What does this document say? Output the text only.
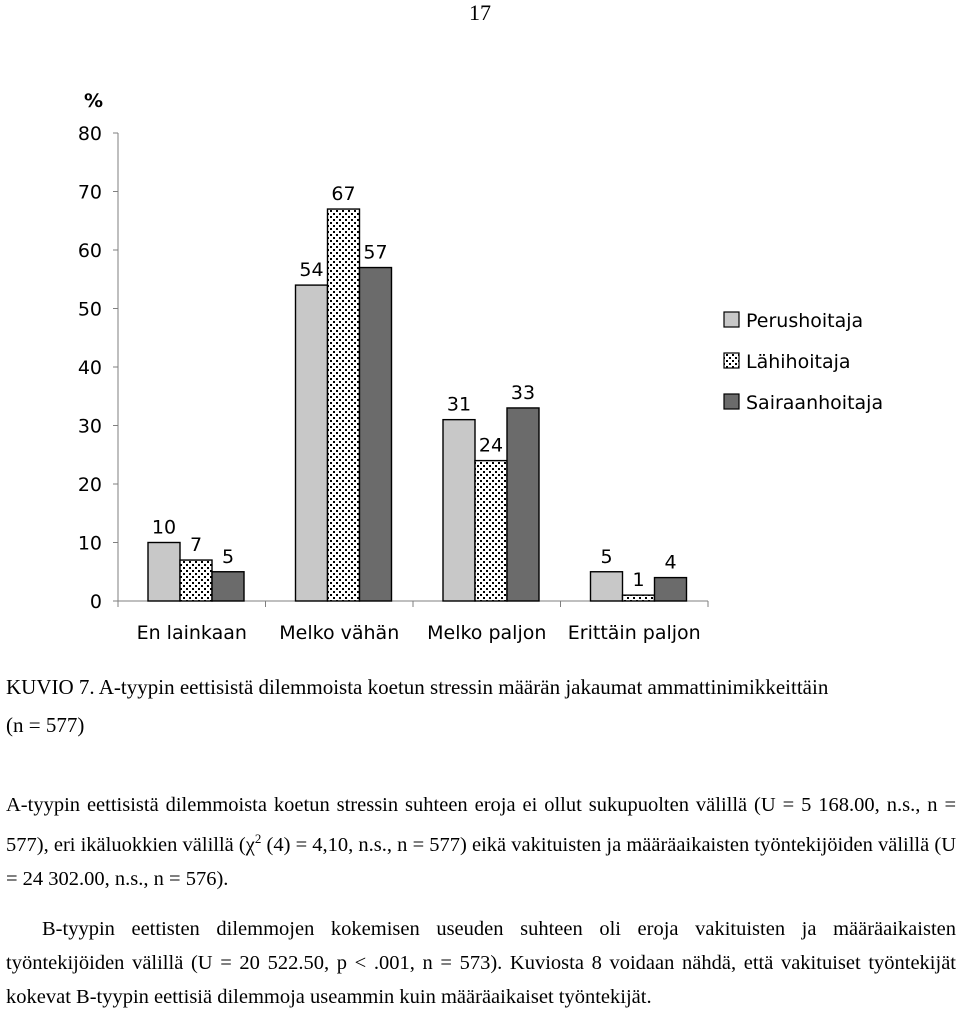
17
%
0
10
20
30
40
50
60
70
80
10
7
5
54
67
57
31
24
33
5
1
4
En lainkaan Melko vähän Melko paljon Erittäin paljon
Perushoitaja
Lähihoitaja
Sairaanhoitaja
KUVIO 7. A-tyypin eettisistä dilemmoista koetun stressin määrän jakaumat ammattinimikkeittäin
(n = 577)
A-tyypin eettisistä dilemmoista koetun stressin suhteen eroja ei ollut sukupuolten välillä (U = 5 168.00, n.s., n = 577), eri ikäluokkien välillä ($\chi^2$ (4) = 4,10, n.s., n = 577) eikä vakituisten ja määräaikaisten työntekijöiden välillä (U = 24 302.00, n.s., n = 576).
B-tyypin eettisten dilemmojen kokemisen useuden suhteen oli eroja vakituisten ja määräaikaisten työntekijöiden välillä (U = 20 522.50, p < .001, n = 573). Kuviosta 8 voidaan nähdä, että vakituiset työntekijät kokevat B-tyypin eettisiä dilemmoja useammin kuin määräaikaiset työntekijät.
